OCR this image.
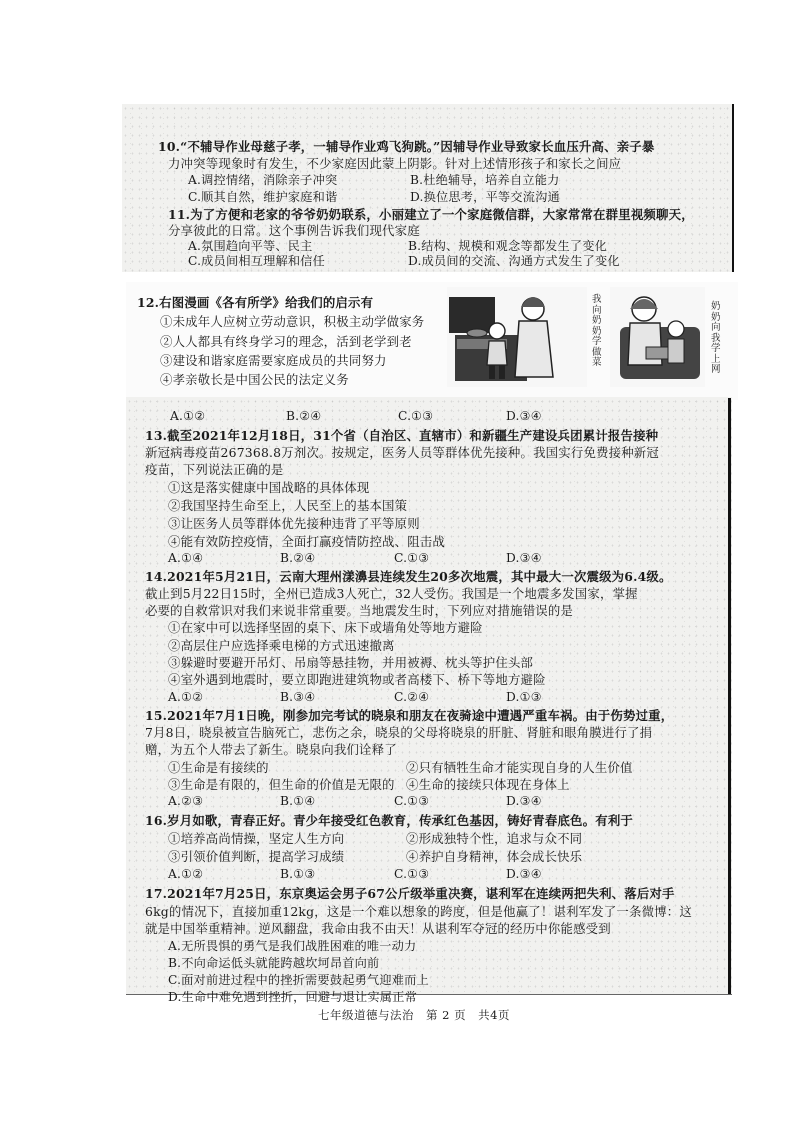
10.“不辅导作业母慈子孝，一辅导作业鸡飞狗跳。”因辅导作业导致家长血压升高、亲子暴
力冲突等现象时有发生，不少家庭因此蒙上阴影。针对上述情形孩子和家长之间应
A.调控情绪，消除亲子冲突	B.杜绝辅导，培养自立能力
C.顺其自然，维护家庭和谐	D.换位思考，平等交流沟通
11.为了方便和老家的爷爷奶奶联系，小丽建立了一个家庭微信群，大家常常在群里视频聊天，
分享彼此的日常。这个事例告诉我们现代家庭
A.氛围趋向平等、民主	B.结构、规模和观念等都发生了变化
C.成员间相互理解和信任	D.成员间的交流、沟通方式发生了变化
12.右图漫画《各有所学》给我们的启示有
①未成年人应树立劳动意识，积极主动学做家务
②人人都具有终身学习的理念，活到老学到老
③建设和谐家庭需要家庭成员的共同努力
④孝亲敬长是中国公民的法定义务
我向奶奶学做菜
奶奶向我学上网
A.①②	B.②④	C.①③	D.③④
13.截至2021年12月18日，31个省（自治区、直辖市）和新疆生产建设兵团累计报告接种
新冠病毒疫苗267368.8万剂次。按规定，医务人员等群体优先接种。我国实行免费接种新冠
疫苗，下列说法正确的是
①这是落实健康中国战略的具体体现
②我国坚持生命至上，人民至上的基本国策
③让医务人员等群体优先接种违背了平等原则
④能有效防控疫情，全面打赢疫情防控战、阻击战
A.①④	B.②④	C.①③	D.③④
14.2021年5月21日，云南大理州漾濞县连续发生20多次地震，其中最大一次震级为6.4级。
截止到5月22日15时，全州已造成3人死亡，32人受伤。我国是一个地震多发国家，掌握
必要的自救常识对我们来说非常重要。当地震发生时，下列应对措施错误的是
①在家中可以选择坚固的桌下、床下或墙角处等地方避险
②高层住户应选择乘电梯的方式迅速撤离
③躲避时要避开吊灯、吊扇等悬挂物，并用被褥、枕头等护住头部
④室外遇到地震时，要立即跑进建筑物或者高楼下、桥下等地方避险
A.①②	B.③④	C.②④	D.①③
15.2021年7月1日晚，刚参加完考试的晓泉和朋友在夜骑途中遭遇严重车祸。由于伤势过重，
7月8日，晓泉被宣告脑死亡，悲伤之余，晓泉的父母将晓泉的肝脏、肾脏和眼角膜进行了捐
赠，为五个人带去了新生。晓泉向我们诠释了
①生命是有接续的	②只有牺牲生命才能实现自身的人生价值
③生命是有限的，但生命的价值是无限的 ④生命的接续只体现在身体上
A.②③	B.①④	C.①③	D.③④
16.岁月如歌，青春正好。青少年接受红色教育，传承红色基因，铸好青春底色。有利于
①培养高尚情操，坚定人生方向	②形成独特个性，追求与众不同
③引领价值判断，提高学习成绩	④养护自身精神，体会成长快乐
A.①②	B.①③	C.①③	D.③④
17.2021年7月25日，东京奥运会男子67公斤级举重决赛，谌利军在连续两把失利、落后对手
6kg的情况下，直接加重12kg，这是一个难以想象的跨度，但是他赢了！谌利军发了一条微博：这
就是中国举重精神。逆风翻盘，我命由我不由天！从谌利军夺冠的经历中你能感受到
A.无所畏惧的勇气是我们战胜困难的唯一动力
B.不向命运低头就能跨越坎坷昂首向前
C.面对前进过程中的挫折需要鼓起勇气迎难而上
D.生命中难免遇到挫折，回避与退让实属正常
七年级道德与法治　第 2 页　共4页
